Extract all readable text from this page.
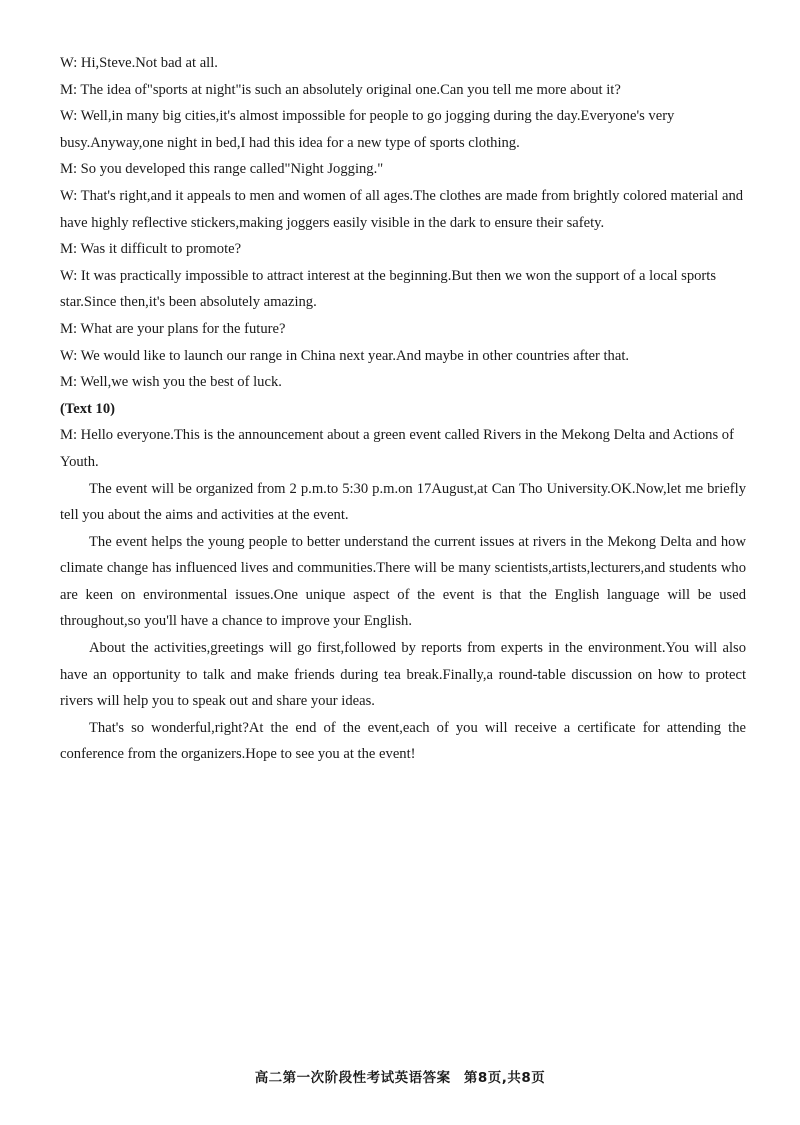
W: Hi,Steve.Not bad at all.

M: The idea of"sports at night"is such an absolutely original one.Can you tell me more about it?

W: Well,in many big cities,it's almost impossible for people to go jogging during the day.Everyone's very busy.Anyway,one night in bed,I had this idea for a new type of sports clothing.

M: So you developed this range called"Night Jogging."

W: That's right,and it appeals to men and women of all ages.The clothes are made from brightly colored material and have highly reflective stickers,making joggers easily visible in the dark to ensure their safety.

M: Was it difficult to promote?

W: It was practically impossible to attract interest at the beginning.But then we won the support of a local sports star.Since then,it's been absolutely amazing.

M: What are your plans for the future?

W: We would like to launch our range in China next year.And maybe in other countries after that.

M: Well,we wish you the best of luck.

(Text 10)

M: Hello everyone.This is the announcement about a green event called Rivers in the Mekong Delta and Actions of Youth.

The event will be organized from 2 p.m.to 5:30 p.m.on 17August,at Can Tho University.OK.Now,let me briefly tell you about the aims and activities at the event.

The event helps the young people to better understand the current issues at rivers in the Mekong Delta and how climate change has influenced lives and communities.There will be many scientists,artists,lecturers,and students who are keen on environmental issues.One unique aspect of the event is that the English language will be used throughout,so you'll have a chance to improve your English.

About the activities,greetings will go first,followed by reports from experts in the environment.You will also have an opportunity to talk and make friends during tea break.Finally,a round-table discussion on how to protect rivers will help you to speak out and share your ideas.

That's so wonderful,right?At the end of the event,each of you will receive a certificate for attending the conference from the organizers.Hope to see you at the event!

高二第一次阶段性考试英语答案 第8页,共8页
